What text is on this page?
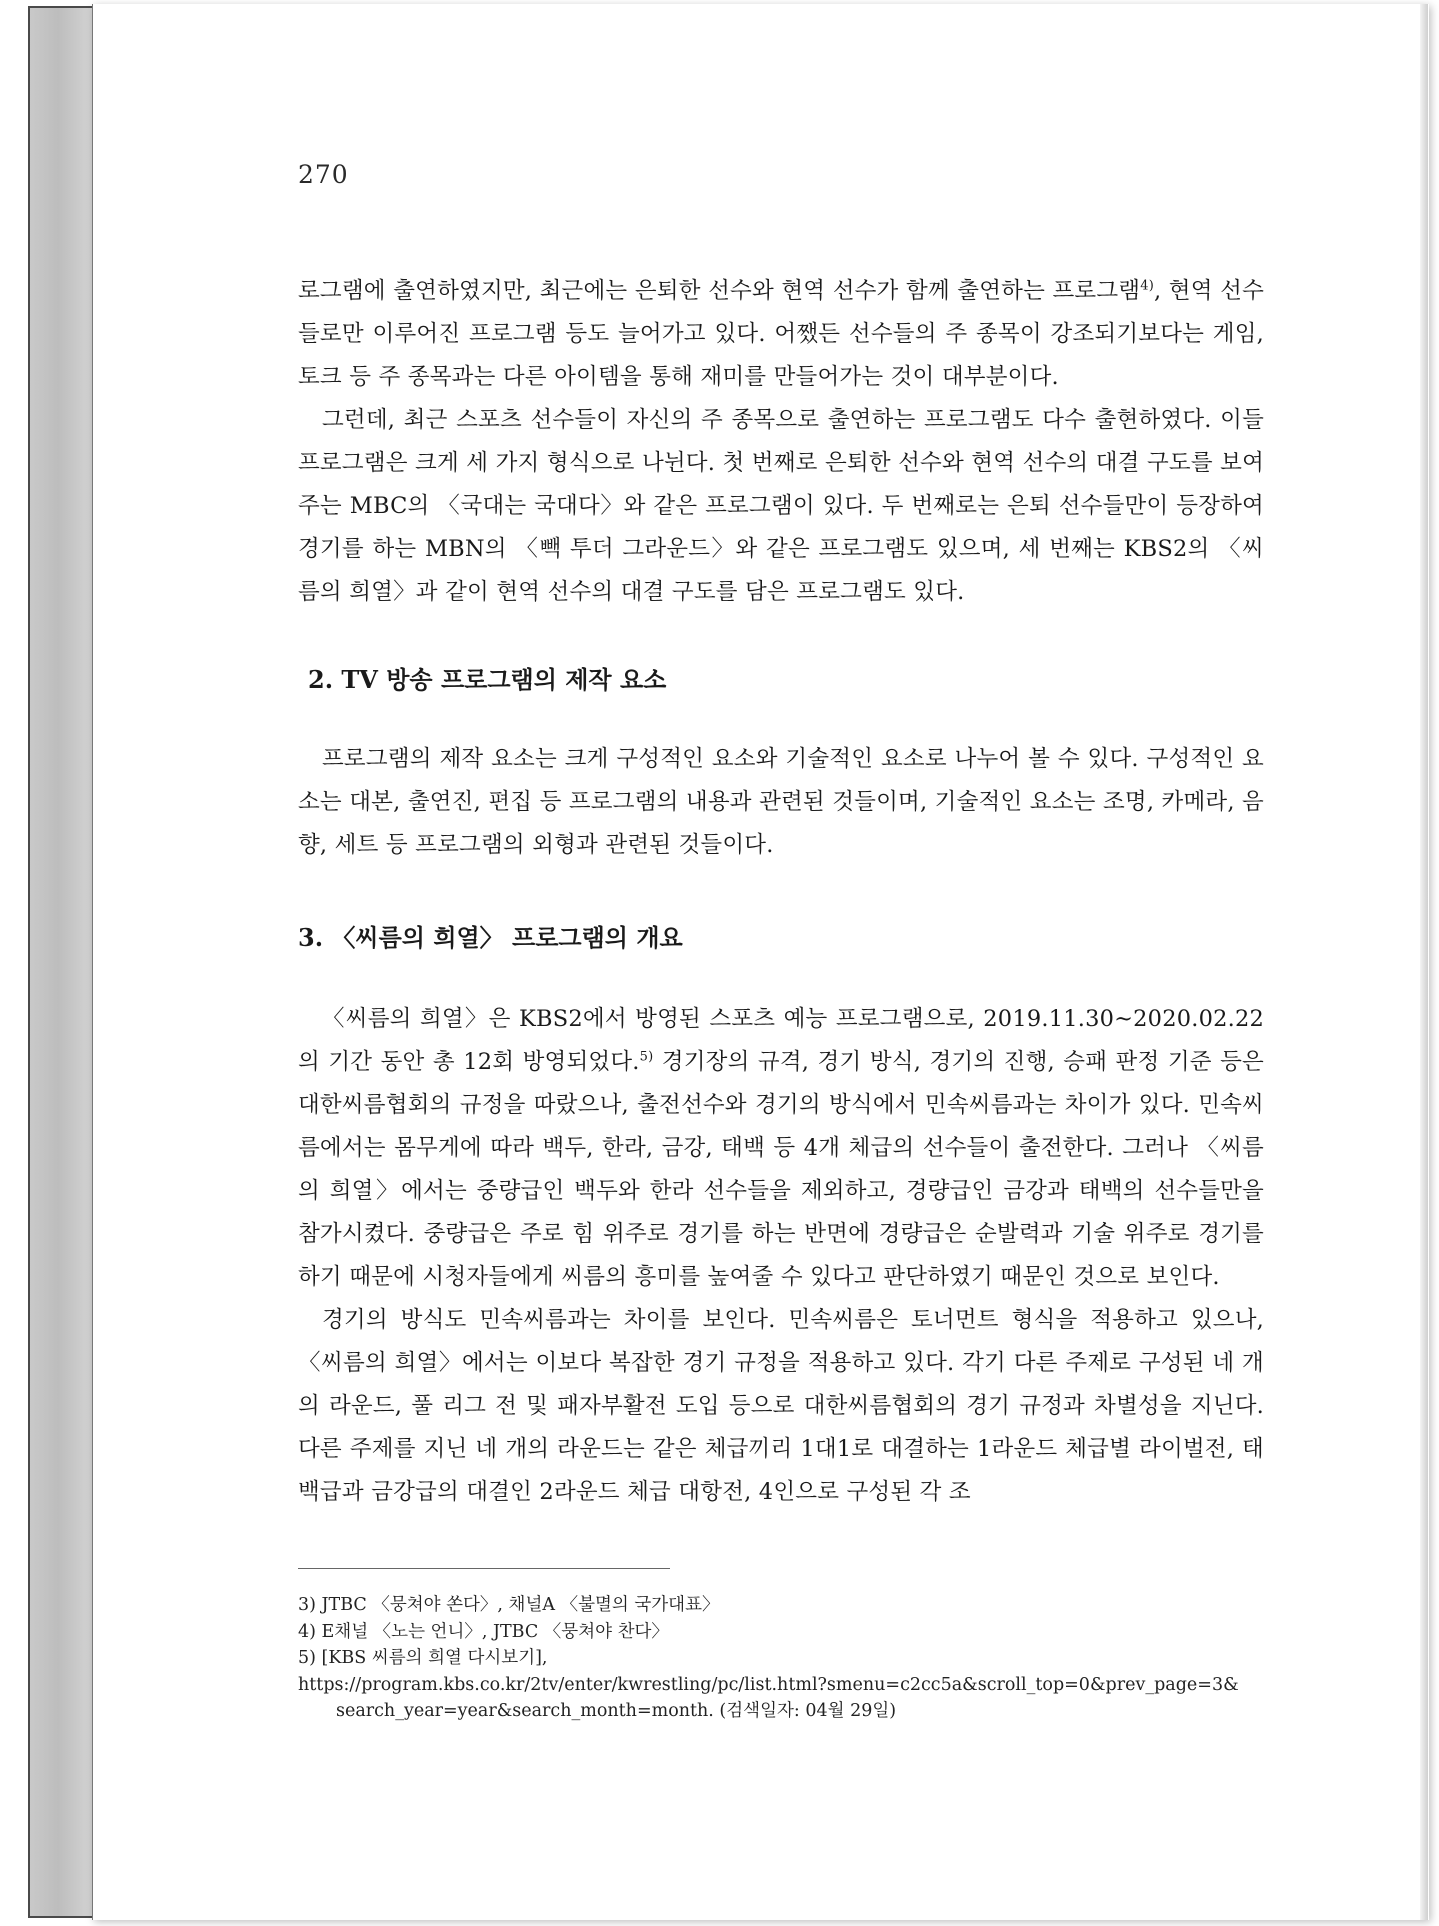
270

로그램에 출연하였지만, 최근에는 은퇴한 선수와 현역 선수가 함께 출연하는 프로그램$^{4)}$, 현역 선수들로만 이루어진 프로그램 등도 늘어가고 있다. 어쨌든 선수들의 주 종목이 강조되기보다는 게임, 토크 등 주 종목과는 다른 아이템을 통해 재미를 만들어가는 것이 대부분이다.

그런데, 최근 스포츠 선수들이 자신의 주 종목으로 출연하는 프로그램도 다수 출현하였다. 이들 프로그램은 크게 세 가지 형식으로 나뉜다. 첫 번째로 은퇴한 선수와 현역 선수의 대결 구도를 보여주는 MBC의 〈국대는 국대다〉와 같은 프로그램이 있다. 두 번째로는 은퇴 선수들만이 등장하여 경기를 하는 MBN의 〈빽 투더 그라운드〉와 같은 프로그램도 있으며, 세 번째는 KBS2의 〈씨름의 희열〉과 같이 현역 선수의 대결 구도를 담은 프로그램도 있다.

2. TV 방송 프로그램의 제작 요소

프로그램의 제작 요소는 크게 구성적인 요소와 기술적인 요소로 나누어 볼 수 있다. 구성적인 요소는 대본, 출연진, 편집 등 프로그램의 내용과 관련된 것들이며, 기술적인 요소는 조명, 카메라, 음향, 세트 등 프로그램의 외형과 관련된 것들이다.

3. 〈씨름의 희열〉 프로그램의 개요

〈씨름의 희열〉은 KBS2에서 방영된 스포츠 예능 프로그램으로, 2019.11.30~2020.02.22의 기간 동안 총 12회 방영되었다.$^{5)}$ 경기장의 규격, 경기 방식, 경기의 진행, 승패 판정 기준 등은 대한씨름협회의 규정을 따랐으나, 출전선수와 경기의 방식에서 민속씨름과는 차이가 있다. 민속씨름에서는 몸무게에 따라 백두, 한라, 금강, 태백 등 4개 체급의 선수들이 출전한다. 그러나 〈씨름의 희열〉에서는 중량급인 백두와 한라 선수들을 제외하고, 경량급인 금강과 태백의 선수들만을 참가시켰다. 중량급은 주로 힘 위주로 경기를 하는 반면에 경량급은 순발력과 기술 위주로 경기를 하기 때문에 시청자들에게 씨름의 흥미를 높여줄 수 있다고 판단하였기 때문인 것으로 보인다.

경기의 방식도 민속씨름과는 차이를 보인다. 민속씨름은 토너먼트 형식을 적용하고 있으나, 〈씨름의 희열〉에서는 이보다 복잡한 경기 규정을 적용하고 있다. 각기 다른 주제로 구성된 네 개의 라운드, 풀 리그 전 및 패자부활전 도입 등으로 대한씨름협회의 경기 규정과 차별성을 지닌다. 다른 주제를 지닌 네 개의 라운드는 같은 체급끼리 1대1로 대결하는 1라운드 체급별 라이벌전, 태백급과 금강급의 대결인 2라운드 체급 대항전, 4인으로 구성된 각 조

3) JTBC 〈뭉쳐야 쏜다〉, 채널A 〈불멸의 국가대표〉

4) E채널 〈노는 언니〉, JTBC 〈뭉쳐야 찬다〉

5) [KBS 씨름의 희열 다시보기],

https://program.kbs.co.kr/2tv/enter/kwrestling/pc/list.html?smenu=c2cc5a&scroll_top=0&prev_page=3&

search_year=year&search_month=month. (검색일자: 04월 29일)
